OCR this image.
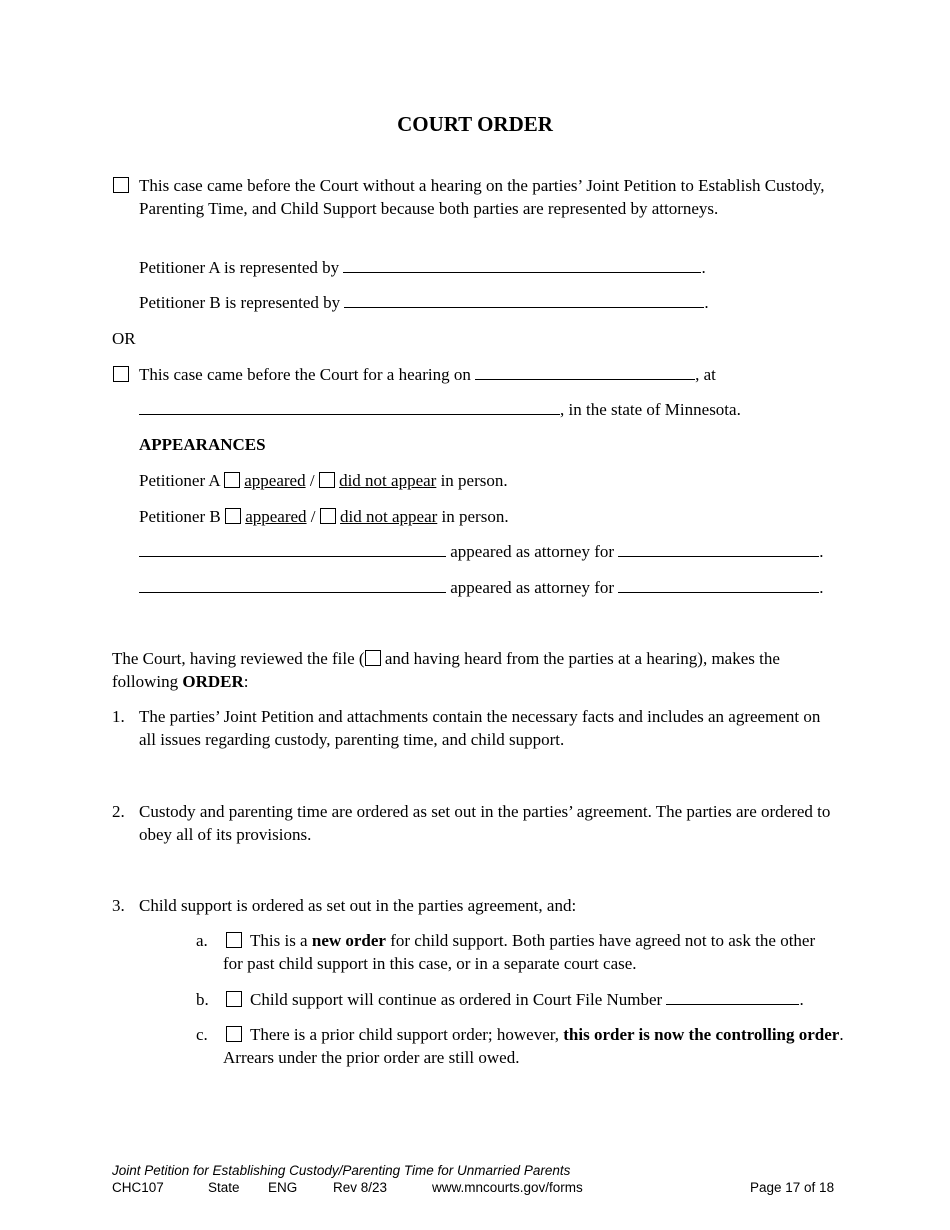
COURT ORDER
This case came before the Court without a hearing on the parties’ Joint Petition to Establish Custody, Parenting Time, and Child Support because both parties are represented by attorneys.
Petitioner A is represented by	.
Petitioner B is represented by	.
OR
This case came before the Court for a hearing on	, at
, in the state of Minnesota.
APPEARANCES
Petitioner A appeared / did not appear in person.
Petitioner B appeared / did not appear in person.
appeared as attorney for	.
appeared as attorney for	.
The Court, having reviewed the file ( and having heard from the parties at a hearing), makes the following ORDER:
1. The parties’ Joint Petition and attachments contain the necessary facts and includes an agreement on all issues regarding custody, parenting time, and child support.
2. Custody and parenting time are ordered as set out in the parties’ agreement. The parties are ordered to obey all of its provisions.
3. Child support is ordered as set out in the parties agreement, and:
a.	This is a new order for child support. Both parties have agreed not to ask the other for past child support in this case, or in a separate court case.
b. Child support will continue as ordered in Court File Number	.
c.	There is a prior child support order; however, this order is now the controlling order. Arrears under the prior order are still owed.
Joint Petition for Establishing Custody/Parenting Time for Unmarried Parents
CHC107	State ENG	Rev 8/23	www.mncourts.gov/forms	Page 17 of 18
